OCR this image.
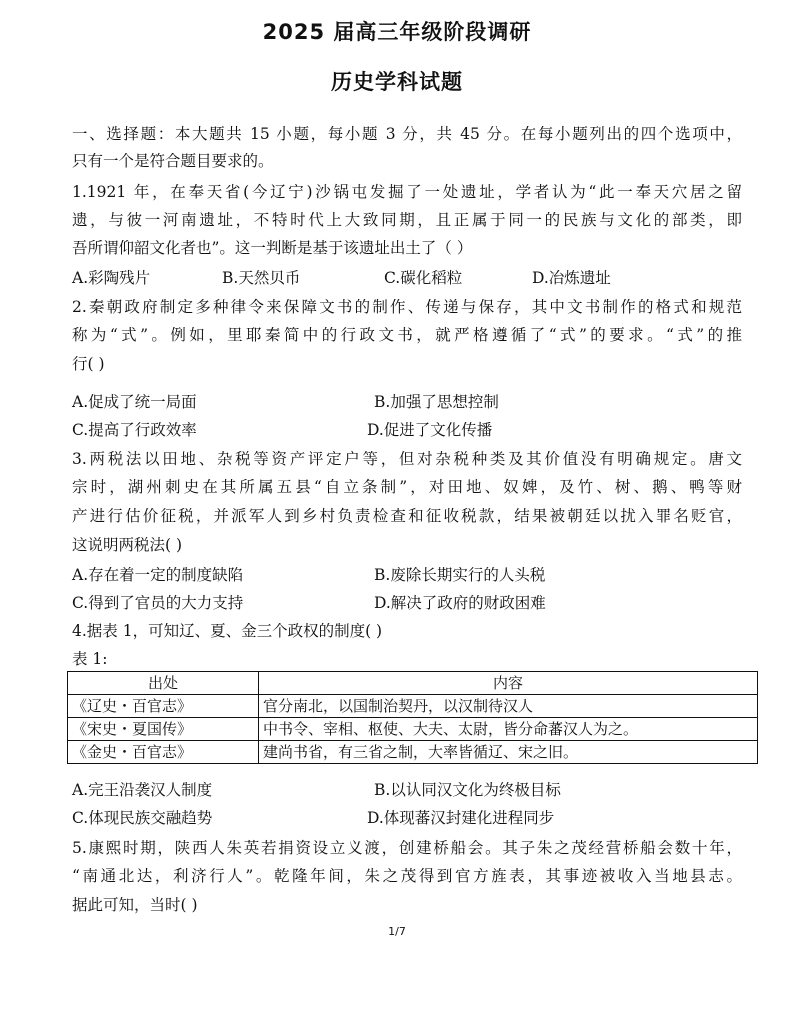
2025 届高三年级阶段调研
历史学科试题
一、选择题：本大题共 15 小题，每小题 3 分，共 45 分。在每小题列出的四个选项中，
只有一个是符合题目要求的。
1.1921 年，在奉天省(今辽宁)沙锅屯发掘了一处遗址，学者认为“此一奉天穴居之留
遗，与彼一河南遗址，不特时代上大致同期，且正属于同一的民族与文化的部类，即
吾所谓仰韶文化者也”。这一判断是基于该遗址出土了（ ）
A.彩陶残片	B.天然贝币	C.碳化稻粒	D.冶炼遗址
2.秦朝政府制定多种律令来保障文书的制作、传递与保存，其中文书制作的格式和规范
称为“式”。例如，里耶秦简中的行政文书，就严格遵循了“式”的要求。“式”的推
行( )
A.促成了统一局面	B.加强了思想控制
C.提高了行政效率	D.促进了文化传播
3.两税法以田地、杂税等资产评定户等，但对杂税种类及其价值没有明确规定。唐文
宗时，湖州刺史在其所属五县“自立条制”，对田地、奴婢，及竹、树、鹅、鸭等财
产进行估价征税，并派军人到乡村负责检查和征收税款，结果被朝廷以扰入罪名贬官，
这说明两税法( )
A.存在着一定的制度缺陷	B.废除长期实行的人头税
C.得到了官员的大力支持	D.解决了政府的财政困难
4.据表 1，可知辽、夏、金三个政权的制度( )
表 1:
出处	内容
《辽史・百官志》	官分南北，以国制治契丹，以汉制待汉人
《宋史・夏国传》	中书令、宰相、枢使、大夫、太尉，皆分命蕃汉人为之。
《金史・百官志》	建尚书省，有三省之制，大率皆循辽、宋之旧。
A.完王沿袭汉人制度	B.以认同汉文化为终极目标
C.体现民族交融趋势	D.体现蕃汉封建化进程同步
5.康熙时期，陕西人朱英若捐资设立义渡，创建桥船会。其子朱之茂经营桥船会数十年，
“南通北达，利济行人”。乾隆年间，朱之茂得到官方旌表，其事迹被收入当地县志。
据此可知，当时( )
1/7
